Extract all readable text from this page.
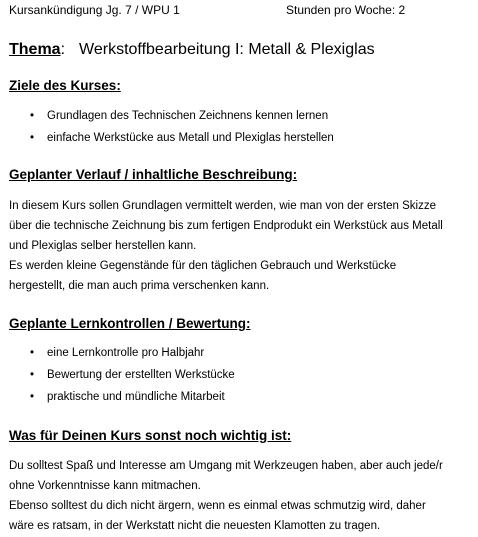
Kursankündigung Jg. 7 / WPU 1	Stunden pro Woche: 2
Thema: Werkstoffbearbeitung I: Metall & Plexiglas
Ziele des Kurses:
• Grundlagen des Technischen Zeichnens kennen lernen
• einfache Werkstücke aus Metall und Plexiglas herstellen
Geplanter Verlauf / inhaltliche Beschreibung:
In diesem Kurs sollen Grundlagen vermittelt werden, wie man von der ersten Skizze
über die technische Zeichnung bis zum fertigen Endprodukt ein Werkstück aus Metall
und Plexiglas selber herstellen kann.
Es werden kleine Gegenstände für den täglichen Gebrauch und Werkstücke
hergestellt, die man auch prima verschenken kann.
Geplante Lernkontrollen / Bewertung:
• eine Lernkontrolle pro Halbjahr
• Bewertung der erstellten Werkstücke
• praktische und mündliche Mitarbeit
Was für Deinen Kurs sonst noch wichtig ist:
Du solltest Spaß und Interesse am Umgang mit Werkzeugen haben, aber auch jede/r
ohne Vorkenntnisse kann mitmachen.
Ebenso solltest du dich nicht ärgern, wenn es einmal etwas schmutzig wird, daher
wäre es ratsam, in der Werkstatt nicht die neuesten Klamotten zu tragen.
